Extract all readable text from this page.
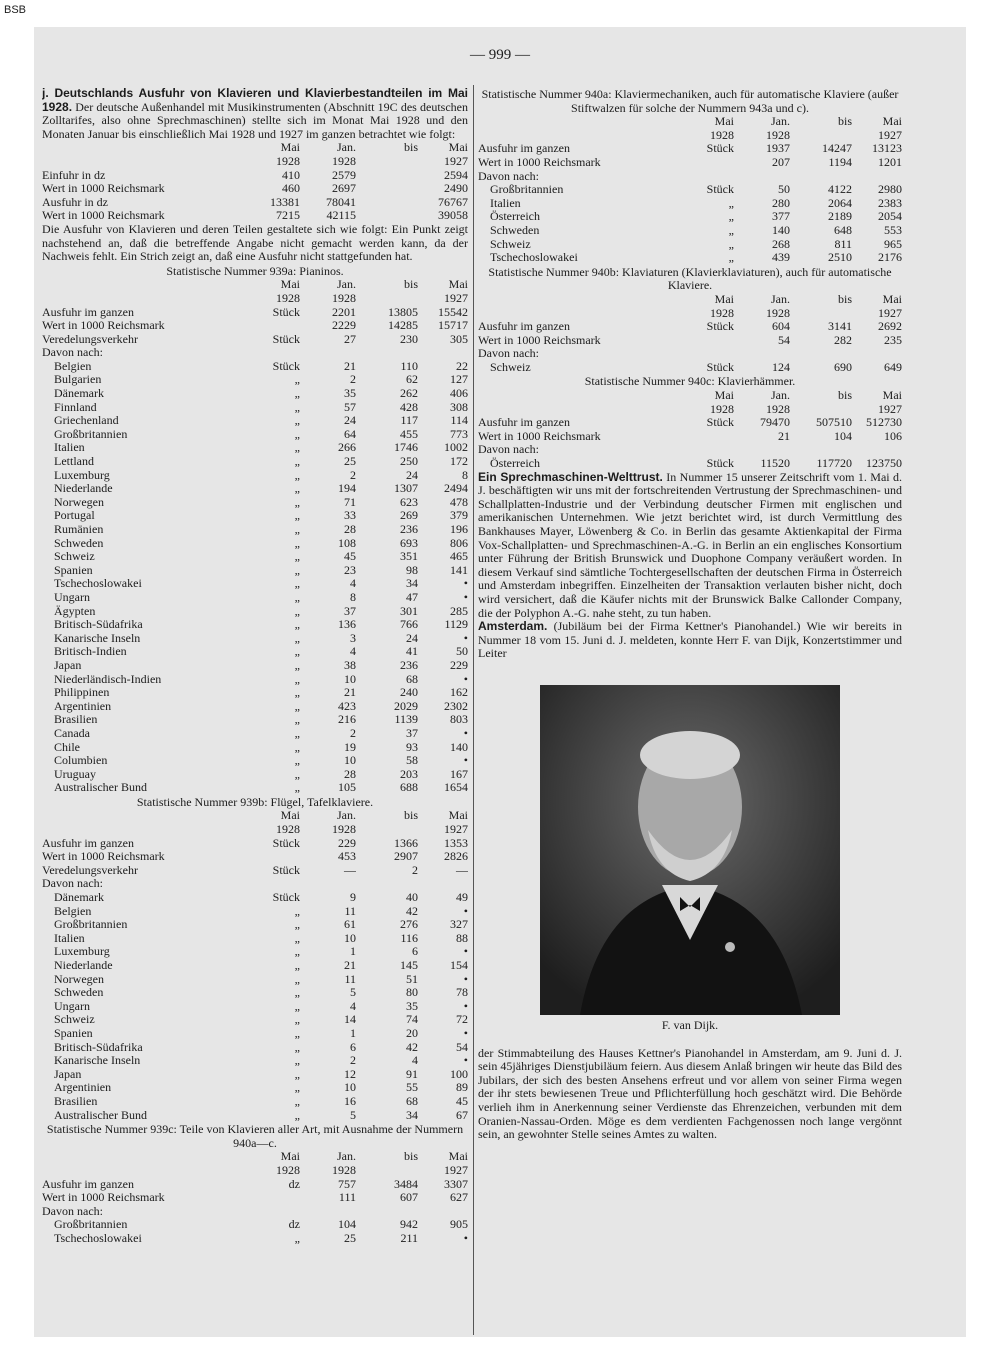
BSB
— 999 —

j. Deutschlands Ausfuhr von Klavieren und Klavierbestandteilen im Mai 1928. Der deutsche Außenhandel mit Musikinstrumenten (Abschnitt 19C des deutschen Zolltarifes, also ohne Sprechmaschinen) stellte sich im Monat Mai 1928 und den Monaten Januar bis einschließlich Mai 1928 und 1927 im ganzen betrachtet wie folgt:

Mai	Jan.	bis	Mai
1928	1928	1927
Einfuhr in dz	410	2579	2594
Wert in 1000 Reichsmark	460	2697	2490
Ausfuhr in dz	13381	78041	76767
Wert in 1000 Reichsmark	7215	42115	39058

Die Ausfuhr von Klavieren und deren Teilen gestaltete sich wie folgt: Ein Punkt zeigt nachstehend an, daß die betreffende Angabe nicht gemacht werden kann, da der Nachweis fehlt. Ein Strich zeigt an, daß eine Ausfuhr nicht stattgefunden hat.

Statistische Nummer 939a: Pianinos.
Mai	Jan.	bis	Mai
1928	1928	1927
Ausfuhr im ganzen	Stück	2201	13805	15542
Wert in 1000 Reichsmark	2229	14285	15717
Veredelungsverkehr	Stück	27	230	305
Davon nach:
Belgien	Stück	21	110	22
Bulgarien	„	2	62	127
Dänemark	„	35	262	406
Finnland	„	57	428	308
Griechenland	„	24	117	114
Großbritannien	„	64	455	773
Italien	„	266	1746	1002
Lettland	„	25	250	172
Luxemburg	„	2	24	8
Niederlande	„	194	1307	2494
Norwegen	„	71	623	478
Portugal	„	33	269	379
Rumänien	„	28	236	196
Schweden	„	108	693	806
Schweiz	„	45	351	465
Spanien	„	23	98	141
Tschechoslowakei	„	4	34	•
Ungarn	„	8	47	•
Ägypten	„	37	301	285
Britisch-Südafrika	„	136	766	1129
Kanarische Inseln	„	3	24	•
Britisch-Indien	„	4	41	50
Japan	„	38	236	229
Niederländisch-Indien	„	10	68	•
Philippinen	„	21	240	162
Argentinien	„	423	2029	2302
Brasilien	„	216	1139	803
Canada	„	2	37	•
Chile	„	19	93	140
Columbien	„	10	58	•
Uruguay	„	28	203	167
Australischer Bund	„	105	688	1654
Statistische Nummer 939b: Flügel, Tafelklaviere.
Mai	Jan.	bis	Mai
1928	1928	1927
Ausfuhr im ganzen	Stück	229	1366	1353
Wert in 1000 Reichsmark	453	2907	2826
Veredelungsverkehr	Stück	—	2	—
Davon nach:
Dänemark	Stück	9	40	49
Belgien	„	11	42	•
Großbritannien	„	61	276	327
Italien	„	10	116	88
Luxemburg	„	1	6	•
Niederlande	„	21	145	154
Norwegen	„	11	51	•
Schweden	„	5	80	78
Ungarn	„	4	35	•
Schweiz	„	14	74	72
Spanien	„	1	20	•
Britisch-Südafrika	„	6	42	54
Kanarische Inseln	„	2	4	•
Japan	„	12	91	100
Argentinien	„	10	55	89
Brasilien	„	16	68	45
Australischer Bund	„	5	34	67
Statistische Nummer 939c: Teile von Klavieren aller Art, mit Ausnahme der Nummern 940a—c.
Mai	Jan.	bis	Mai
1928	1928	1927
Ausfuhr im ganzen	dz	757	3484	3307
Wert in 1000 Reichsmark	111	607	627
Davon nach:
Großbritannien	dz	104	942	905
Tschechoslowakei	„	25	211	•
Statistische Nummer 940a: Klaviermechaniken, auch für automatische Klaviere (außer Stiftwalzen für solche der Nummern 943a und c).
Mai	Jan.	bis	Mai
1928	1928	1927
Ausfuhr im ganzen	Stück	1937	14247	13123
Wert in 1000 Reichsmark	207	1194	1201
Davon nach:
Großbritannien	Stück	50	4122	2980
Italien	„	280	2064	2383
Österreich	„	377	2189	2054
Schweden	„	140	648	553
Schweiz	„	268	811	965
Tschechoslowakei	„	439	2510	2176
Statistische Nummer 940b: Klaviaturen (Klavierklaviaturen), auch für automatische Klaviere.
Mai	Jan.	bis	Mai
1928	1928	1927
Ausfuhr im ganzen	Stück	604	3141	2692
Wert in 1000 Reichsmark	54	282	235
Davon nach:
Schweiz	Stück	124	690	649
Statistische Nummer 940c: Klavierhämmer.
Mai	Jan.	bis	Mai
1928	1928	1927
Ausfuhr im ganzen	Stück	79470	507510	512730
Wert in 1000 Reichsmark	21	104	106
Davon nach:
Österreich	Stück	11520	117720	123750

Ein Sprechmaschinen-Welttrust. In Nummer 15 unserer Zeitschrift vom 1. Mai d. J. beschäftigten wir uns mit der fortschreitenden Vertrustung der Sprechmaschinen- und Schallplatten-Industrie und der Verbindung deutscher Firmen mit englischen und amerikanischen Unternehmen. Wie jetzt berichtet wird, ist durch Vermittlung des Bankhauses Mayer, Löwenberg & Co. in Berlin das gesamte Aktienkapital der Firma Vox-Schallplatten- und Sprechmaschinen-A.-G. in Berlin an ein englisches Konsortium unter Führung der British Brunswick und Duophone Company veräußert worden. In diesem Verkauf sind sämtliche Tochtergesellschaften der deutschen Firma in Österreich und Amsterdam inbegriffen. Einzelheiten der Transaktion verlauten bisher nicht, doch wird versichert, daß die Käufer nichts mit der Brunswick Balke Callonder Company, die der Polyphon A.-G. nahe steht, zu tun haben.

Amsterdam. (Jubiläum bei der Firma Kettner's Pianohandel.) Wie wir bereits in Nummer 18 vom 15. Juni d. J. meldeten, konnte Herr F. van Dijk, Konzertstimmer und Leiter

F. van Dijk.

der Stimmabteilung des Hauses Kettner's Pianohandel in Amsterdam, am 9. Juni d. J. sein 45jähriges Dienstjubiläum feiern. Aus diesem Anlaß bringen wir heute das Bild des Jubilars, der sich des besten Ansehens erfreut und vor allem von seiner Firma wegen der ihr stets bewiesenen Treue und Pflichterfüllung hoch geschätzt wird. Die Behörde verlieh ihm in Anerkennung seiner Verdienste das Ehrenzeichen, verbunden mit dem Oranien-Nassau-Orden. Möge es dem verdienten Fachgenossen noch lange vergönnt sein, an gewohnter Stelle seines Amtes zu walten.
